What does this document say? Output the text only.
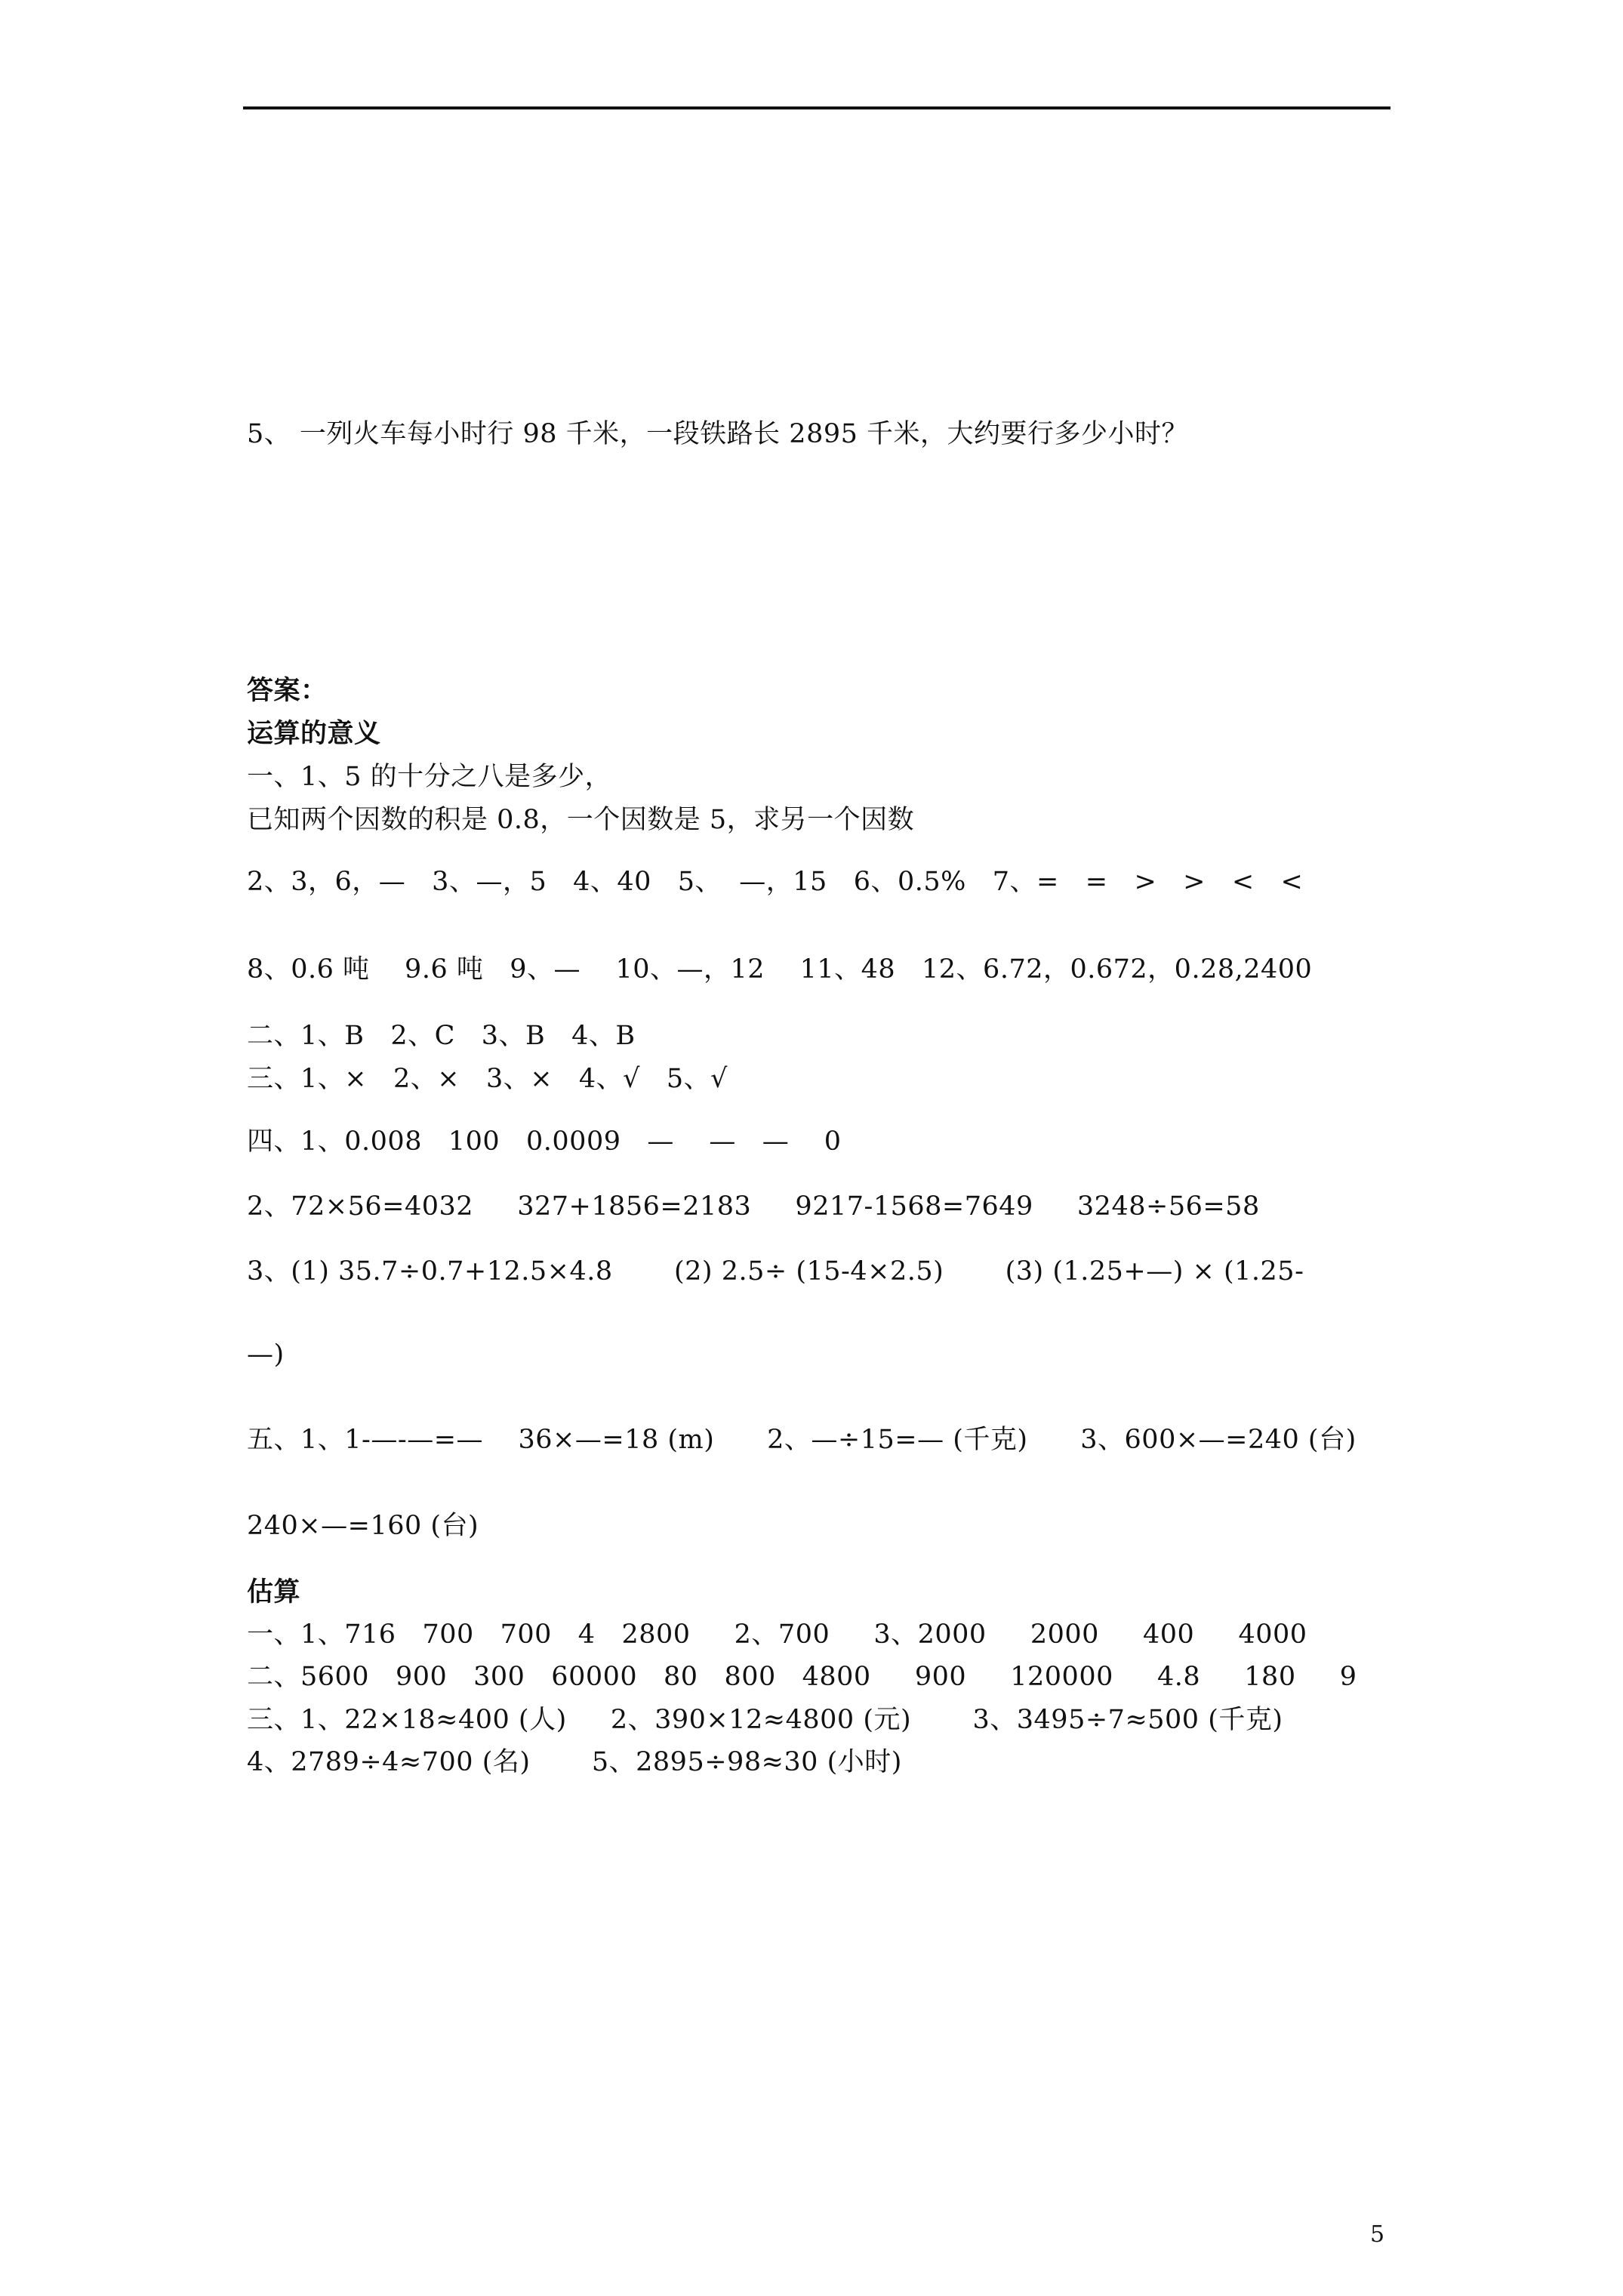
5、 一列火车每小时行 98 千米，一段铁路长 2895 千米，大约要行多少小时？
答案：
运算的意义
一、1、5 的十分之八是多少，
已知两个因数的积是 0.8，一个因数是 5，求另一个因数
2、3，6，—   3、—，5   4、40   5、  —，15   6、0.5%   7、=   =   >   >   <   <
8、0.6 吨    9.6 吨   9、—    10、—，12    11、48   12、6.72，0.672，0.28,2400
二、1、B   2、C   3、B   4、B
三、1、×   2、×   3、×   4、√   5、√
四、1、0.008   100   0.0009   —    —   —    0
2、72×56=4032     327+1856=2183     9217-1568=7649     3248÷56=58
3、(1) 35.7÷0.7+12.5×4.8       (2) 2.5÷ (15-4×2.5)       (3) (1.25+—) × (1.25-
—)
五、1、1-—-—=—    36×—=18 (m)      2、—÷15=— (千克)      3、600×—=240 (台)
240×—=160 (台)
估算
一、1、716   700   700   4   2800     2、700     3、2000     2000     400     4000
二、5600   900   300   60000   80   800   4800     900     120000     4.8     180     9
三、1、22×18≈400 (人)     2、390×12≈4800 (元)       3、3495÷7≈500 (千克)
4、2789÷4≈700 (名)       5、2895÷98≈30 (小时)
5
